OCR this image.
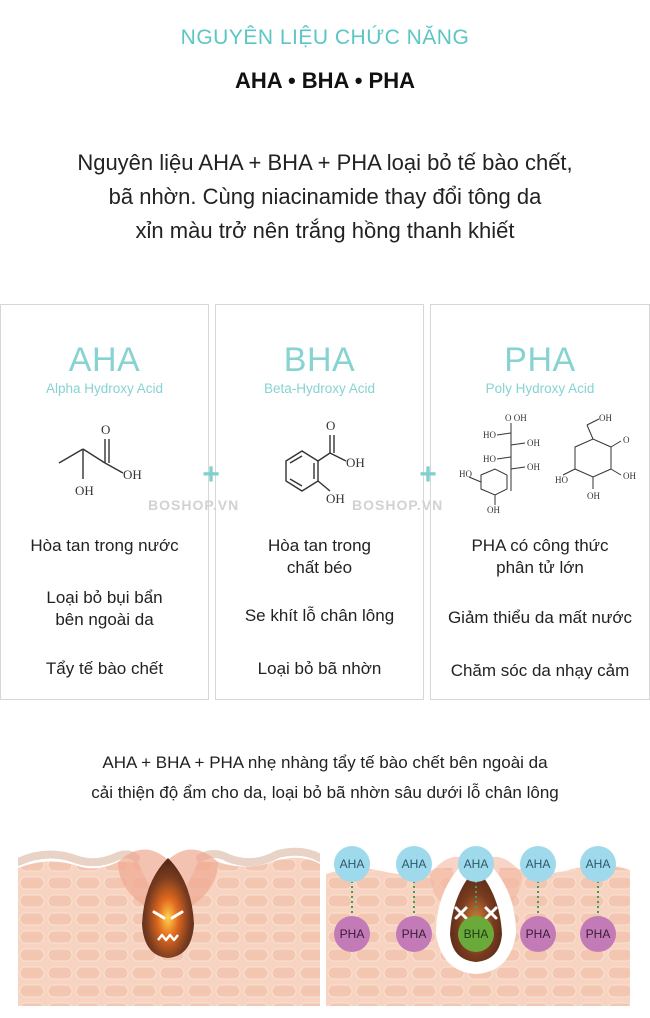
NGUYÊN LIỆU CHỨC NĂNG
AHA • BHA • PHA
Nguyên liệu AHA + BHA + PHA loại bỏ tế bào chết,
bã nhờn. Cùng niacinamide thay đổi tông da
xỉn màu trở nên trắng hồng thanh khiết
AHA
Alpha Hydroxy Acid
O
OH
OH
Hòa tan trong nước
Loại bỏ bụi bẩn
bên ngoài da
Tẩy tế bào chết
BHA
Beta-Hydroxy Acid
O
OH
OH
Hòa tan trong
chất béo
Se khít lỗ chân lông
Loại bỏ bã nhờn
PHA
Poly Hydroxy Acid
O OH
HO
OH
HO
OH
HO
OH
OH
O
HO
OH
OH
PHA có công thức
phân tử lớn
Giảm thiểu da mất nước
Chăm sóc da nhạy cảm
+	+
BOSHOP.VN	BOSHOP.VN
AHA + BHA + PHA nhẹ nhàng tẩy tế bào chết bên ngoài da
cải thiện độ ẩm cho da, loại bỏ bã nhờn sâu dưới lỗ chân lông
AHA	AHA	AHA	AHA	AHA
PHA	PHA	BHA	PHA	PHA
